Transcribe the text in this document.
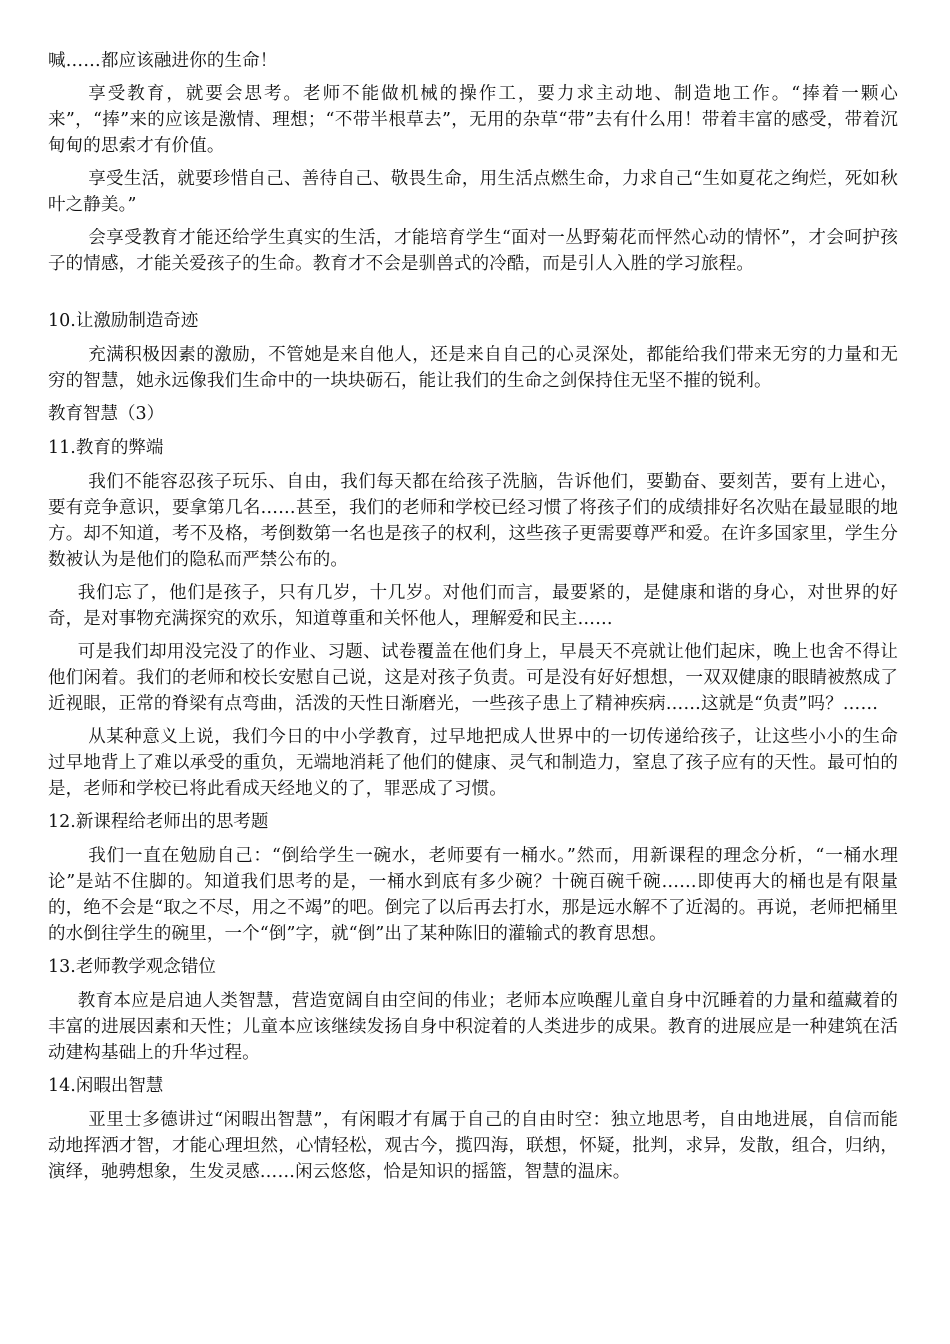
喊……都应该融进你的生命！

享受教育，就要会思考。老师不能做机械的操作工，要力求主动地、制造地工作。“捧着一颗心来”，“捧”来的应该是激情、理想；“不带半根草去”，无用的杂草“带”去有什么用！带着丰富的感受，带着沉甸甸的思索才有价值。

享受生活，就要珍惜自己、善待自己、敬畏生命，用生活点燃生命，力求自己“生如夏花之绚烂，死如秋叶之静美。”

会享受教育才能还给学生真实的生活，才能培育学生“面对一丛野菊花而怦然心动的情怀”，才会呵护孩子的情感，才能关爱孩子的生命。教育才不会是驯兽式的冷酷，而是引人入胜的学习旅程。

10.让激励制造奇迹

充满积极因素的激励，不管她是来自他人，还是来自自己的心灵深处，都能给我们带来无穷的力量和无穷的智慧，她永远像我们生命中的一块块砺石，能让我们的生命之剑保持住无坚不摧的锐利。

教育智慧（3）

11.教育的弊端

我们不能容忍孩子玩乐、自由，我们每天都在给孩子洗脑，告诉他们，要勤奋、要刻苦，要有上进心，要有竞争意识，要拿第几名……甚至，我们的老师和学校已经习惯了将孩子们的成绩排好名次贴在最显眼的地方。却不知道，考不及格，考倒数第一名也是孩子的权利，这些孩子更需要尊严和爱。在许多国家里，学生分数被认为是他们的隐私而严禁公布的。

我们忘了，他们是孩子，只有几岁，十几岁。对他们而言，最要紧的，是健康和谐的身心，对世界的好奇，是对事物充满探究的欢乐，知道尊重和关怀他人，理解爱和民主……

可是我们却用没完没了的作业、习题、试卷覆盖在他们身上，早晨天不亮就让他们起床，晚上也舍不得让他们闲着。我们的老师和校长安慰自己说，这是对孩子负责。可是没有好好想想，一双双健康的眼睛被熬成了近视眼，正常的脊梁有点弯曲，活泼的天性日渐磨光，一些孩子患上了精神疾病……这就是“负责”吗？……

从某种意义上说，我们今日的中小学教育，过早地把成人世界中的一切传递给孩子，让这些小小的生命过早地背上了难以承受的重负，无端地消耗了他们的健康、灵气和制造力，窒息了孩子应有的天性。最可怕的是，老师和学校已将此看成天经地义的了，罪恶成了习惯。

12.新课程给老师出的思考题

我们一直在勉励自己：“倒给学生一碗水，老师要有一桶水。”然而，用新课程的理念分析，“一桶水理论”是站不住脚的。知道我们思考的是，一桶水到底有多少碗？十碗百碗千碗……即使再大的桶也是有限量的，绝不会是“取之不尽，用之不竭”的吧。倒完了以后再去打水，那是远水解不了近渴的。再说，老师把桶里的水倒往学生的碗里，一个“倒”字，就“倒”出了某种陈旧的灌输式的教育思想。

13.老师教学观念错位

教育本应是启迪人类智慧，营造宽阔自由空间的伟业；老师本应唤醒儿童自身中沉睡着的力量和蕴藏着的丰富的进展因素和天性；儿童本应该继续发扬自身中积淀着的人类进步的成果。教育的进展应是一种建筑在活动建构基础上的升华过程。

14.闲暇出智慧

亚里士多德讲过“闲暇出智慧”，有闲暇才有属于自己的自由时空：独立地思考，自由地进展，自信而能动地挥洒才智，才能心理坦然，心情轻松，观古今，揽四海，联想，怀疑，批判，求异，发散，组合，归纳，演绎，驰骋想象，生发灵感……闲云悠悠，恰是知识的摇篮，智慧的温床。
